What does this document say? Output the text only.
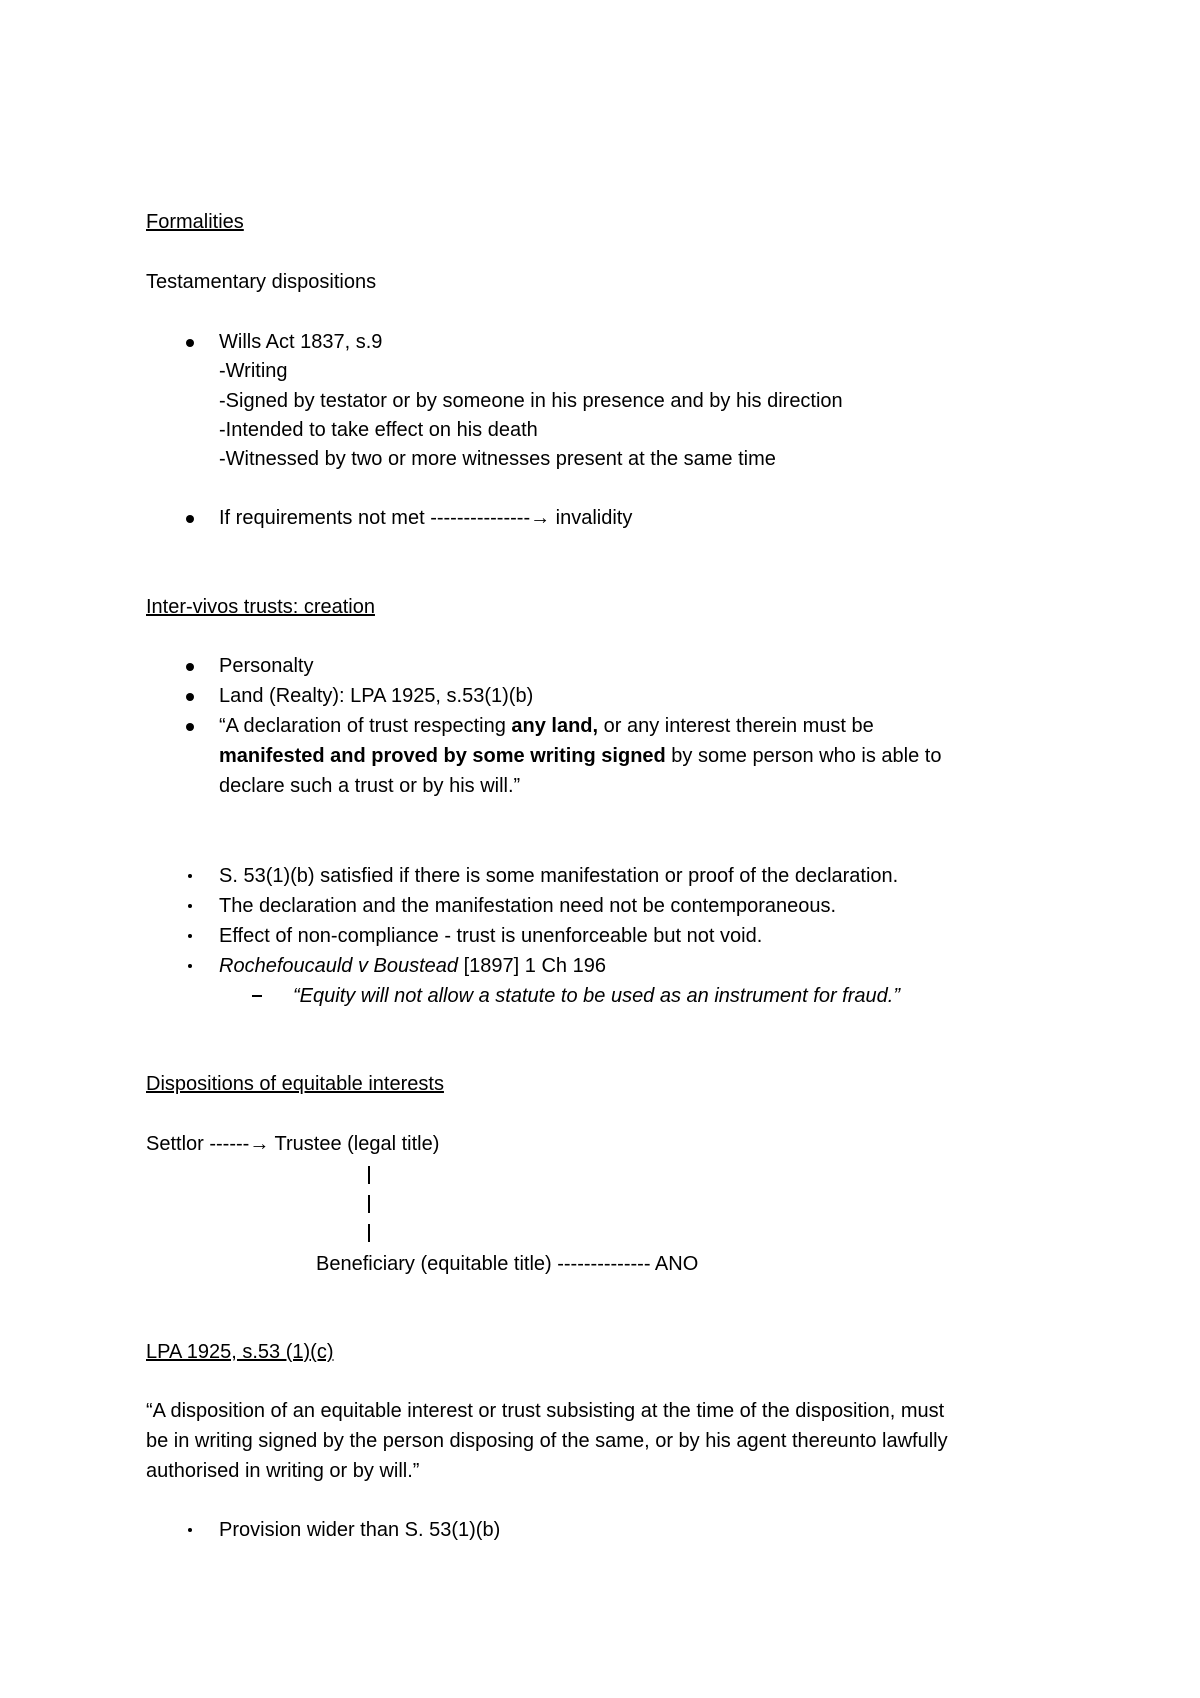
Formalities
Testamentary dispositions
Wills Act 1837, s.9
-Writing
-Signed by testator or by someone in his presence and by his direction
-Intended to take effect on his death
-Witnessed by two or more witnesses present at the same time
If requirements not met ---------------→ invalidity
Inter-vivos trusts: creation
Personalty
Land (Realty): LPA 1925, s.53(1)(b)
“A declaration of trust respecting any land, or any interest therein must be
manifested and proved by some writing signed by some person who is able to
declare such a trust or by his will.”
S. 53(1)(b) satisfied if there is some manifestation or proof of the declaration.
The declaration and the manifestation need not be contemporaneous.
Effect of non-compliance - trust is unenforceable but not void.
Rochefoucauld v Boustead [1897] 1 Ch 196
“Equity will not allow a statute to be used as an instrument for fraud.”
Dispositions of equitable interests
Settlor ------→ Trustee (legal title)
Beneficiary (equitable title) -------------- ANO
LPA 1925, s.53 (1)(c)
“A disposition of an equitable interest or trust subsisting at the time of the disposition, must
be in writing signed by the person disposing of the same, or by his agent thereunto lawfully
authorised in writing or by will.”
Provision wider than S. 53(1)(b)
